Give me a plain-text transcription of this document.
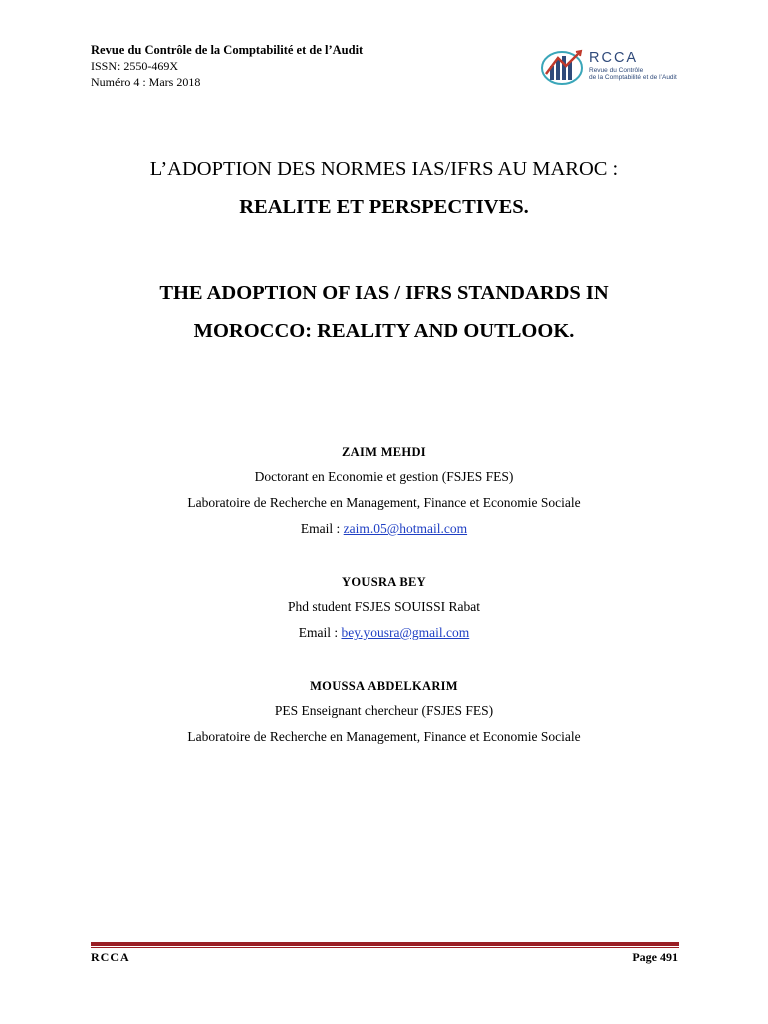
Revue du Contrôle de la Comptabilité et de l’Audit
ISSN: 2550-469X
Numéro 4 : Mars 2018
RCCA
Revue du Contrôle
de la Comptabilité et de l’Audit
L’ADOPTION DES NORMES IAS/IFRS AU MAROC :
REALITE ET PERSPECTIVES.
THE ADOPTION OF IAS / IFRS STANDARDS IN
MOROCCO: REALITY AND OUTLOOK.
ZAIM MEHDI
Doctorant en Economie et gestion (FSJES FES)
Laboratoire de Recherche en Management, Finance et Economie Sociale
Email : zaim.05@hotmail.com
YOUSRA BEY
Phd student FSJES SOUISSI Rabat
Email : bey.yousra@gmail.com
MOUSSA ABDELKARIM
PES Enseignant chercheur (FSJES FES)
Laboratoire de Recherche en Management, Finance et Economie Sociale
RCCA	Page 491
